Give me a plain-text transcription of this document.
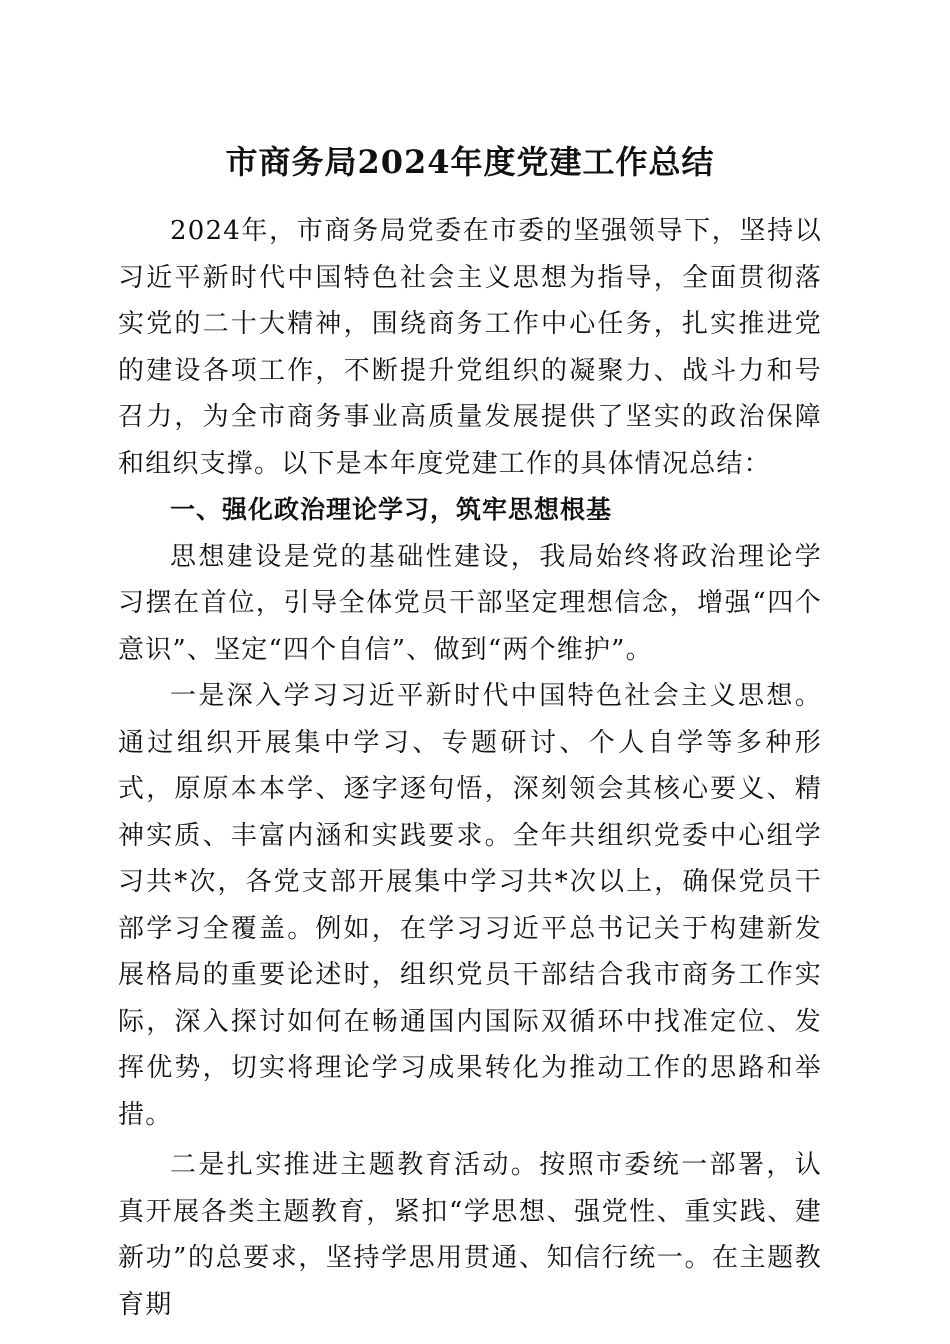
市商务局2024年度党建工作总结

2024年，市商务局党委在市委的坚强领导下，坚持以习近平新时代中国特色社会主义思想为指导，全面贯彻落实党的二十大精神，围绕商务工作中心任务，扎实推进党的建设各项工作，不断提升党组织的凝聚力、战斗力和号召力，为全市商务事业高质量发展提供了坚实的政治保障和组织支撑。以下是本年度党建工作的具体情况总结：

一、强化政治理论学习，筑牢思想根基

思想建设是党的基础性建设，我局始终将政治理论学习摆在首位，引导全体党员干部坚定理想信念，增强“四个意识”、坚定“四个自信”、做到“两个维护”。

一是深入学习习近平新时代中国特色社会主义思想。通过组织开展集中学习、专题研讨、个人自学等多种形式，原原本本学、逐字逐句悟，深刻领会其核心要义、精神实质、丰富内涵和实践要求。全年共组织党委中心组学习共*次，各党支部开展集中学习共*次以上，确保党员干部学习全覆盖。例如，在学习习近平总书记关于构建新发展格局的重要论述时，组织党员干部结合我市商务工作实际，深入探讨如何在畅通国内国际双循环中找准定位、发挥优势，切实将理论学习成果转化为推动工作的思路和举措。

二是扎实推进主题教育活动。按照市委统一部署，认真开展各类主题教育，紧扣“学思想、强党性、重实践、建新功”的总要求，坚持学思用贯通、知信行统一。在主题教育期
